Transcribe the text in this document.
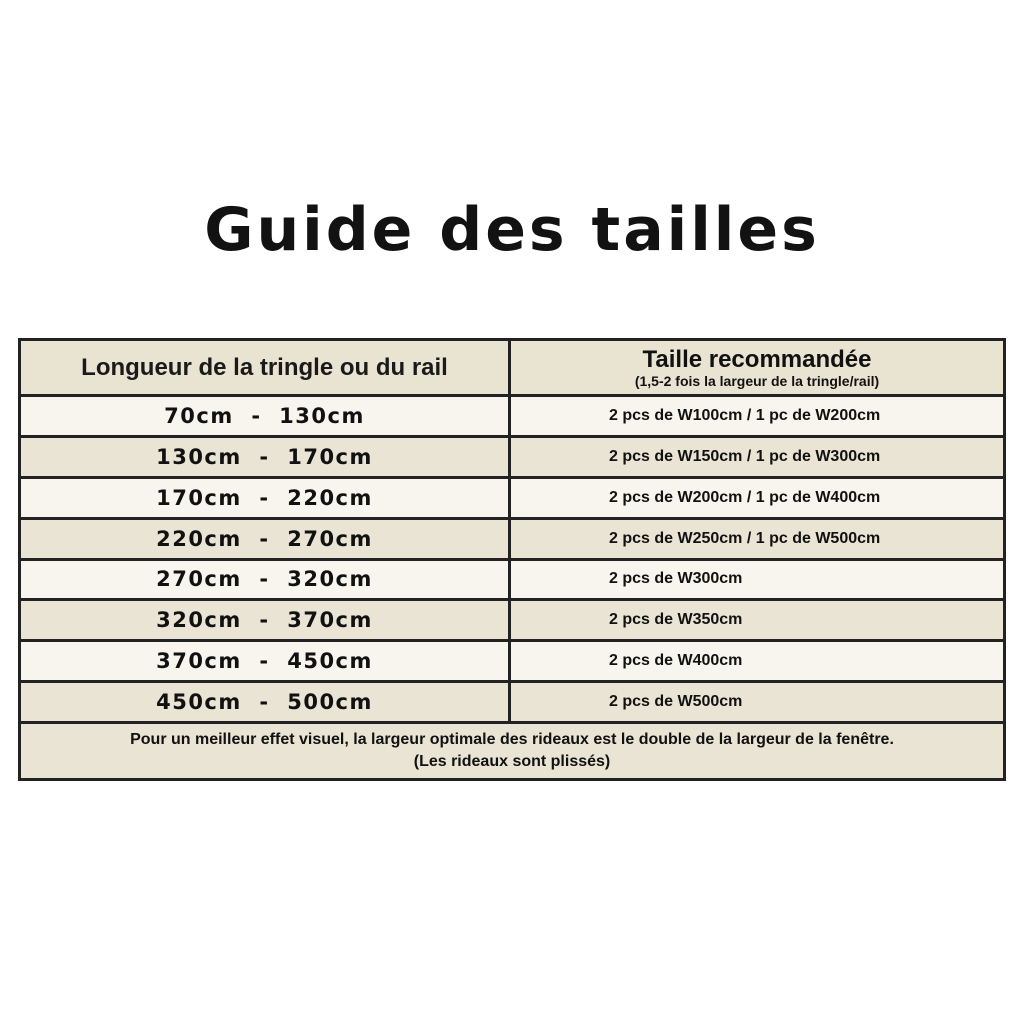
Guide des tailles
Longueur de la tringle ou du rail	Taille recommandée
(1,5-2 fois la largeur de la tringle/rail)
70cm  -  130cm	2 pcs de W100cm / 1 pc de W200cm
130cm  -  170cm	2 pcs de W150cm / 1 pc de W300cm
170cm  -  220cm	2 pcs de W200cm / 1 pc de W400cm
220cm  -  270cm	2 pcs de W250cm / 1 pc de W500cm
270cm  -  320cm	2 pcs de W300cm
320cm  -  370cm	2 pcs de W350cm
370cm  -  450cm	2 pcs de W400cm
450cm  -  500cm	2 pcs de W500cm
Pour un meilleur effet visuel, la largeur optimale des rideaux est le double de la largeur de la fenêtre.
(Les rideaux sont plissés)
